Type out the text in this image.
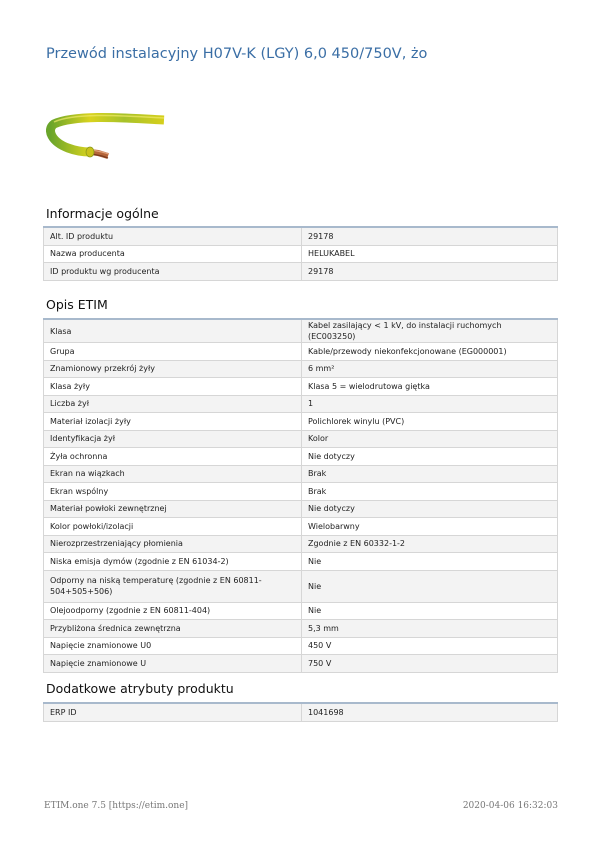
Przewód instalacyjny H07V-K (LGY) 6,0 450/750V, żo
Informacje ogólne
Alt. ID produktu	29178
Nazwa producenta	HELUKABEL
ID produktu wg producenta	29178
Opis ETIM
Klasa	Kabel zasilający < 1 kV, do instalacji ruchomych (EC003250)
Grupa	Kable/przewody niekonfekcjonowane (EG000001)
Znamionowy przekrój żyły	6 mm²
Klasa żyły	Klasa 5 = wielodrutowa giętka
Liczba żył	1
Materiał izolacji żyły	Polichlorek winylu (PVC)
Identyfikacja żył	Kolor
Żyła ochronna	Nie dotyczy
Ekran na wiązkach	Brak
Ekran wspólny	Brak
Materiał powłoki zewnętrznej	Nie dotyczy
Kolor powłoki/izolacji	Wielobarwny
Nierozprzestrzeniający płomienia	Zgodnie z EN 60332-1-2
Niska emisja dymów (zgodnie z EN 61034-2)	Nie
Odporny na niską temperaturę (zgodnie z EN 60811-504+505+506)	Nie
Olejoodporny (zgodnie z EN 60811-404)	Nie
Przybliżona średnica zewnętrzna	5,3 mm
Napięcie znamionowe U0	450 V
Napięcie znamionowe U	750 V
Dodatkowe atrybuty produktu
ERP ID	1041698
ETIM.one 7.5 [https://etim.one]	2020-04-06 16:32:03
